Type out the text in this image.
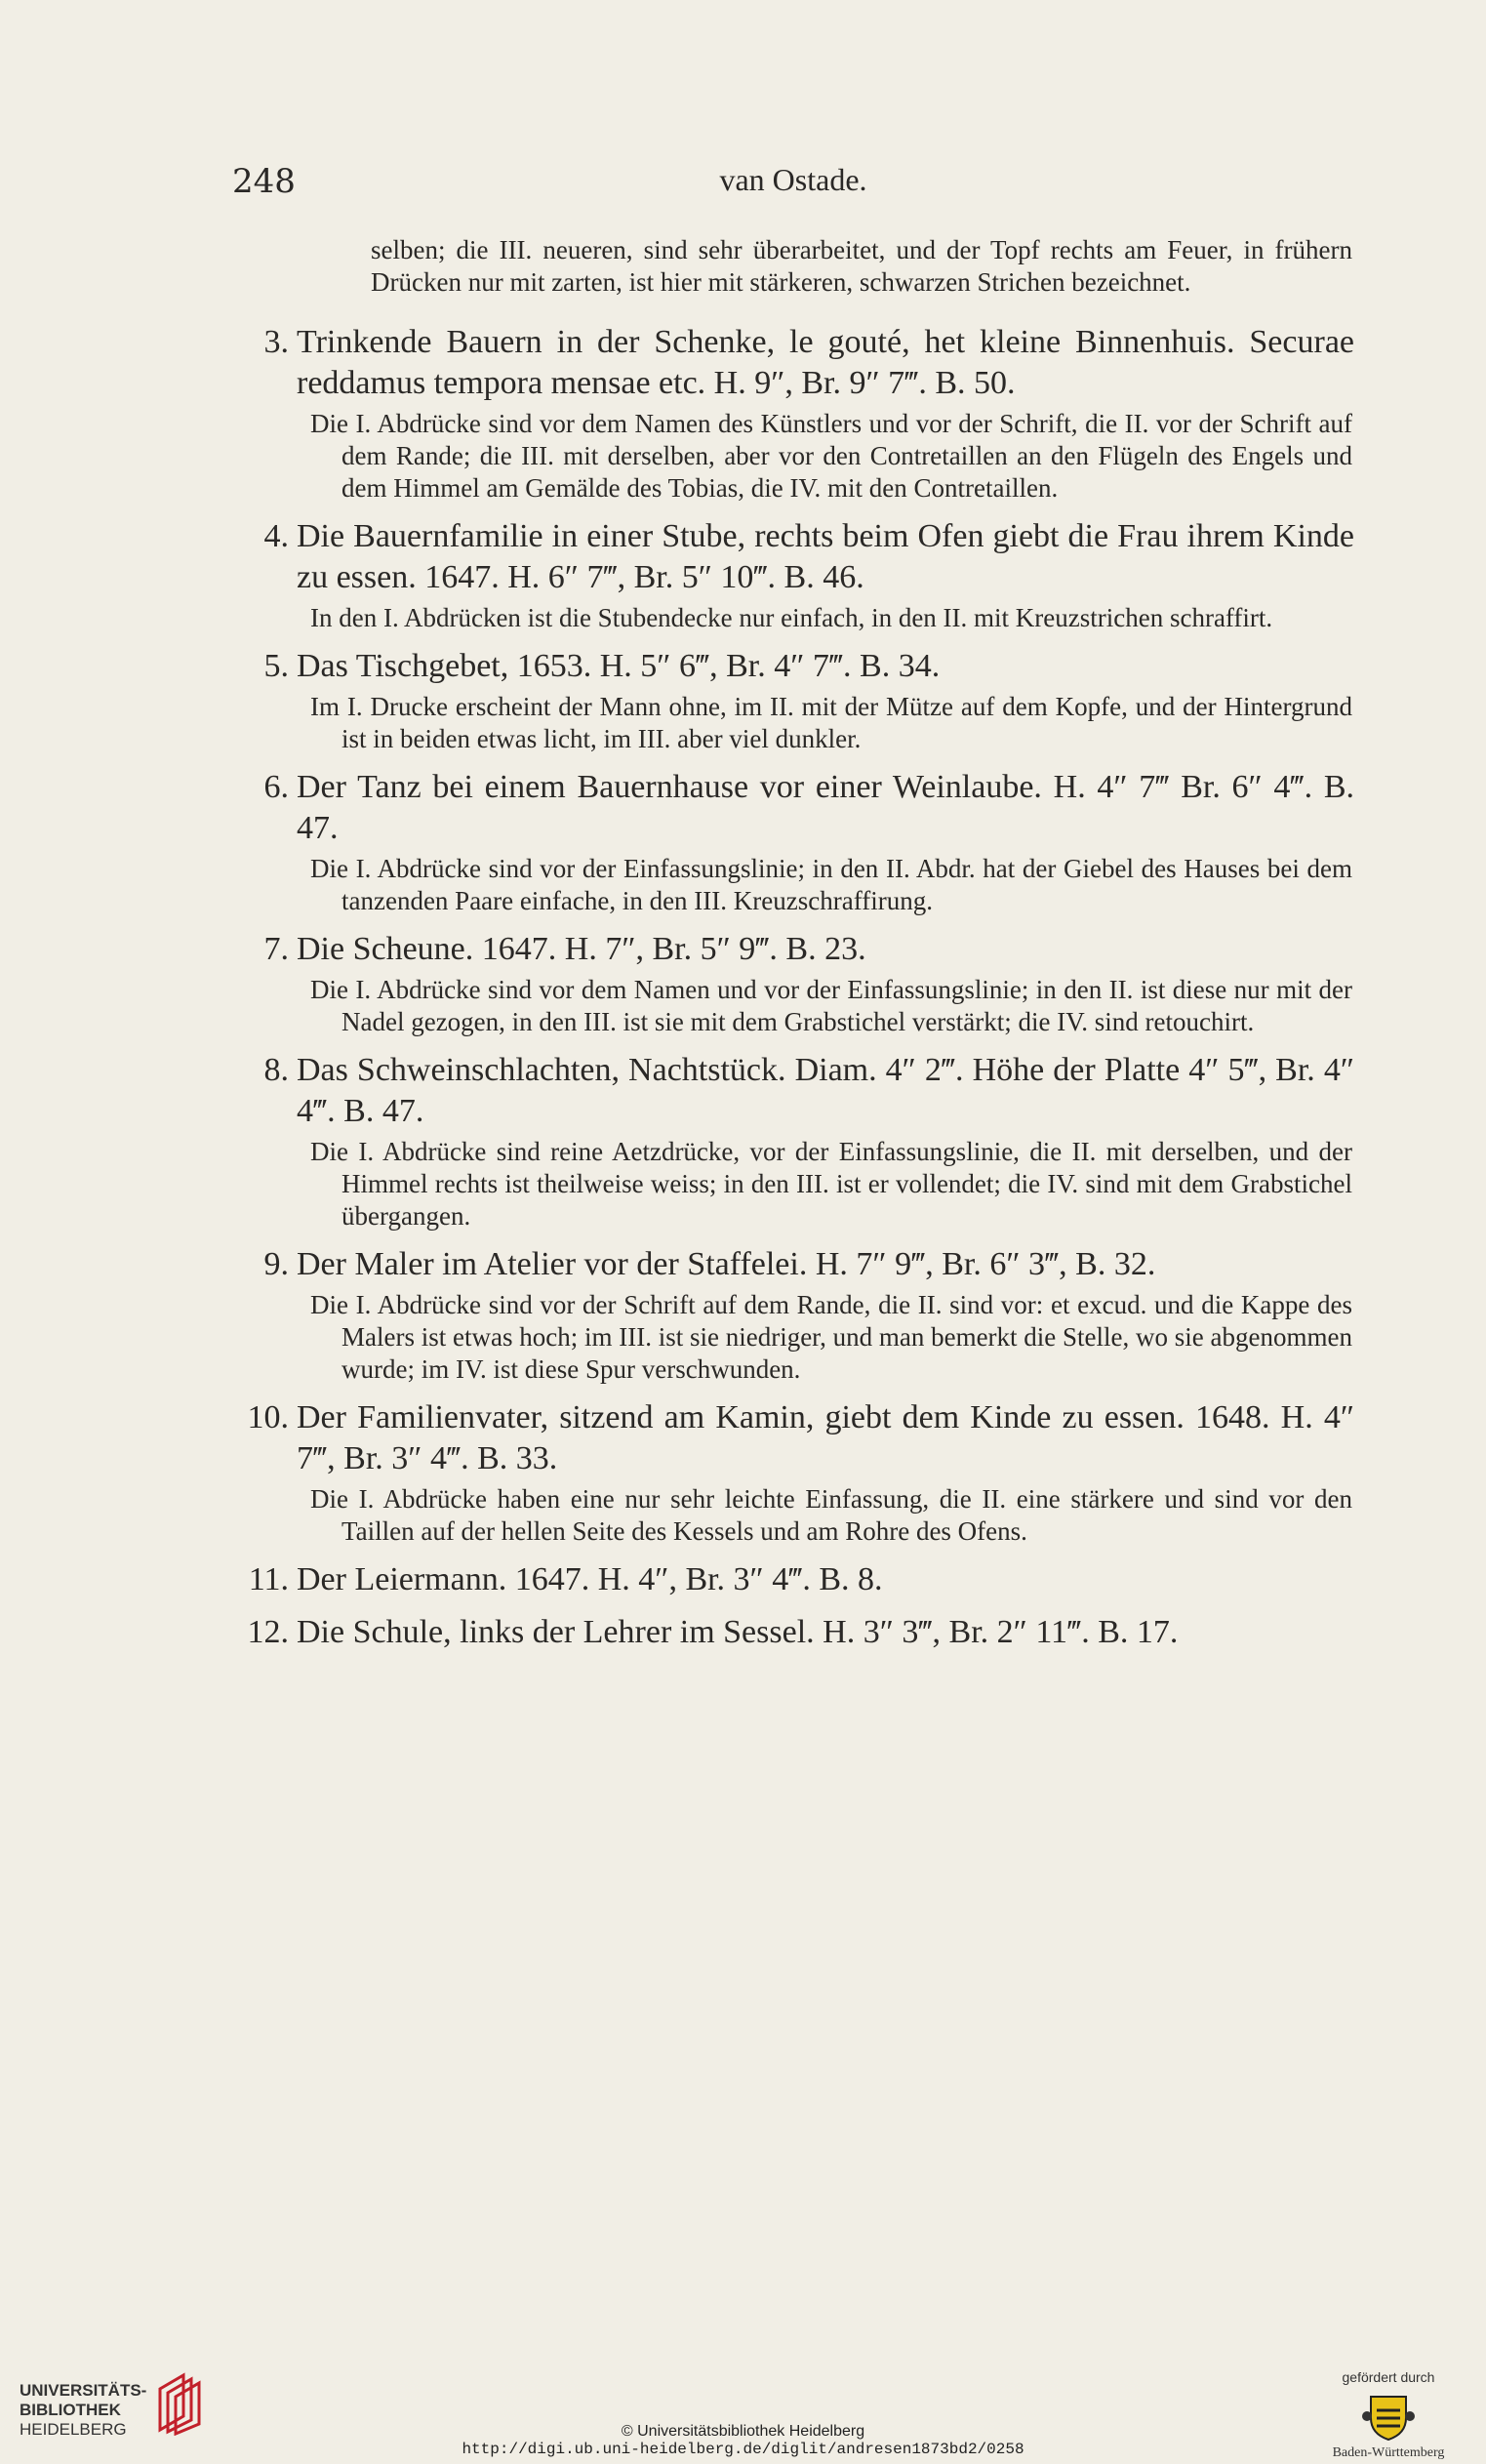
248	van Ostade.

selben; die III. neueren, sind sehr überarbeitet, und der Topf rechts am Feuer, in frühern Drücken nur mit zarten, ist hier mit stärkeren, schwarzen Strichen bezeichnet.

3. Trinkende Bauern in der Schenke, le gouté, het kleine Binnenhuis. Securae reddamus tempora mensae etc. H. 9″, Br. 9″ 7‴. B. 50.

Die I. Abdrücke sind vor dem Namen des Künstlers und vor der Schrift, die II. vor der Schrift auf dem Rande; die III. mit derselben, aber vor den Contretaillen an den Flügeln des Engels und dem Himmel am Gemälde des Tobias, die IV. mit den Contretaillen.

4. Die Bauernfamilie in einer Stube, rechts beim Ofen giebt die Frau ihrem Kinde zu essen. 1647. H. 6″ 7‴, Br. 5″ 10‴. B. 46.

In den I. Abdrücken ist die Stubendecke nur einfach, in den II. mit Kreuzstrichen schraffirt.

5. Das Tischgebet, 1653. H. 5″ 6‴, Br. 4″ 7‴. B. 34.

Im I. Drucke erscheint der Mann ohne, im II. mit der Mütze auf dem Kopfe, und der Hintergrund ist in beiden etwas licht, im III. aber viel dunkler.

6. Der Tanz bei einem Bauernhause vor einer Weinlaube. H. 4″ 7‴ Br. 6″ 4‴. B. 47.

Die I. Abdrücke sind vor der Einfassungslinie; in den II. Abdr. hat der Giebel des Hauses bei dem tanzenden Paare einfache, in den III. Kreuzschraffirung.

7. Die Scheune. 1647. H. 7″, Br. 5″ 9‴. B. 23.

Die I. Abdrücke sind vor dem Namen und vor der Einfassungslinie; in den II. ist diese nur mit der Nadel gezogen, in den III. ist sie mit dem Grabstichel verstärkt; die IV. sind retouchirt.

8. Das Schweinschlachten, Nachtstück. Diam. 4″ 2‴. Höhe der Platte 4″ 5‴, Br. 4″ 4‴. B. 47.

Die I. Abdrücke sind reine Aetzdrücke, vor der Einfassungslinie, die II. mit derselben, und der Himmel rechts ist theilweise weiss; in den III. ist er vollendet; die IV. sind mit dem Grabstichel übergangen.

9. Der Maler im Atelier vor der Staffelei. H. 7″ 9‴, Br. 6″ 3‴, B. 32.

Die I. Abdrücke sind vor der Schrift auf dem Rande, die II. sind vor: et excud. und die Kappe des Malers ist etwas hoch; im III. ist sie niedriger, und man bemerkt die Stelle, wo sie abgenommen wurde; im IV. ist diese Spur verschwunden.

10. Der Familienvater, sitzend am Kamin, giebt dem Kinde zu essen. 1648. H. 4″ 7‴, Br. 3″ 4‴. B. 33.

Die I. Abdrücke haben eine nur sehr leichte Einfassung, die II. eine stärkere und sind vor den Taillen auf der hellen Seite des Kessels und am Rohre des Ofens.

11. Der Leiermann. 1647. H. 4″, Br. 3″ 4‴. B. 8.

12. Die Schule, links der Lehrer im Sessel. H. 3″ 3‴, Br. 2″ 11‴. B. 17.

UNIVERSITÄTS-
BIBLIOTHEK
HEIDELBERG	© Universitätsbibliothek Heidelberg
http://digi.ub.uni-heidelberg.de/diglit/andresen1873bd2/0258
gefördert durch
Baden-Württemberg
